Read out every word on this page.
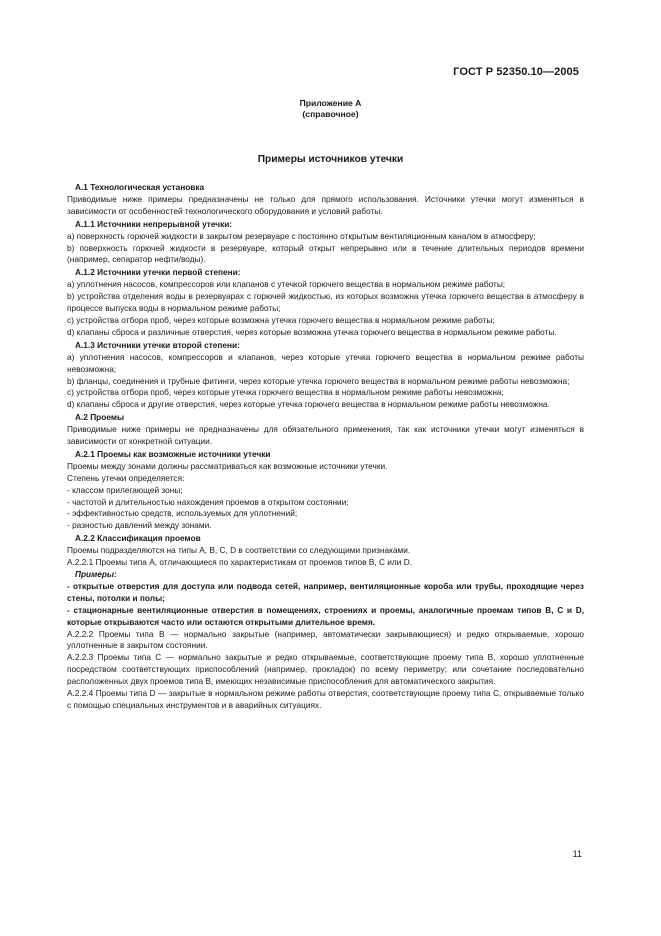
ГОСТ Р 52350.10—2005
Приложение А
(справочное)
Примеры источников утечки

А.1 Технологическая установка

Приводимые ниже примеры предназначены не только для прямого использования. Источники утечки могут изменяться в зависимости от особенностей технологического оборудования и условий работы.

А.1.1 Источники непрерывной утечки:

а) поверхность горючей жидкости в закрытом резервуаре с постоянно открытым вентиляционным каналом в атмосферу;

b) поверхность горючей жидкости в резервуаре, который открыт непрерывно или в течение длительных периодов времени (например, сепаратор нефти/воды).

А.1.2 Источники утечки первой степени:

а) уплотнения насосов, компрессоров или клапанов с утечкой горючего вещества в нормальном режиме работы;

b) устройства отделения воды в резервуарах с горючей жидкостью, из которых возможна утечка горючего вещества в атмосферу в процессе выпуска воды в нормальном режиме работы;

с) устройства отбора проб, через которые возможна утечка горючего вещества в нормальном режиме работы;

d) клапаны сброса и различные отверстия, через которые возможна утечка горючего вещества в нормальном режиме работы.

А.1.3 Источники утечки второй степени:

а) уплотнения насосов, компрессоров и клапанов, через которые утечка горючего вещества в нормальном режиме работы невозможна;

b) фланцы, соединения и трубные фитинги, через которые утечка горючего вещества в нормальном режиме работы невозможна;

с) устройства отбора проб, через которые утечка горючего вещества в нормальном режиме работы невозможна;

d) клапаны сброса и другие отверстия, через которые утечка горючего вещества в нормальном режиме работы невозможна.

А.2 Проемы

Приводимые ниже примеры не предназначены для обязательного применения, так как источники утечки могут изменяться в зависимости от конкретной ситуации.

А.2.1 Проемы как возможные источники утечки

Проемы между зонами должны рассматриваться как возможные источники утечки.

Степень утечки определяется:

- классом прилегающей зоны;

- частотой и длительностью нахождения проемов в открытом состоянии;

- эффективностью средств, используемых для уплотнений;

- разностью давлений между зонами.

А.2.2 Классификация проемов

Проемы подразделяются на типы А, В, С, D в соответствии со следующими признаками.

А.2.2.1 Проемы типа А, отличающиеся по характеристикам от проемов типов В, С или D.

Примеры:

- открытые отверстия для доступа или подвода сетей, например, вентиляционные короба или трубы, проходящие через стены, потолки и полы;

- стационарные вентиляционные отверстия в помещениях, строениях и проемы, аналогичные проемам типов В, С и D, которые открываются часто или остаются открытыми длительное время.

А.2.2.2 Проемы типа В — нормально закрытые (например, автоматически закрывающиеся) и редко открываемые, хорошо уплотненные в закрытом состоянии.

А.2.2.3 Проемы типа С — нормально закрытые и редко открываемые, соответствующие проему типа В, хорошо уплотненные посредством соответствующих приспособлений (например, прокладок) по всему периметру; или сочетание последовательно расположенных двух проемов типа В, имеющих независимые приспособления для автоматического закрытия.

А.2.2.4 Проемы типа D — закрытые в нормальном режиме работы отверстия, соответствующие проему типа С, открываемые только с помощью специальных инструментов и в аварийных ситуациях.

11
